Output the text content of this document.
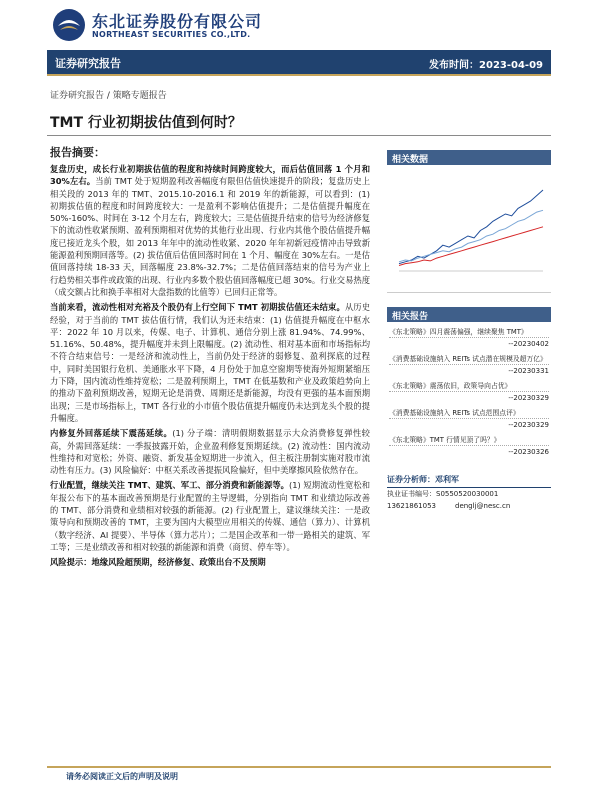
东北证券股份有限公司
NORTHEAST SECURITIES CO.,LTD.
证券研究报告	发布时间：2023-04-09
证券研究报告 / 策略专题报告
TMT 行业初期拔估值到何时？
报告摘要：

复盘历史，成长行业初期拔估值的程度和持续时间跨度较大，而后估值回落 1 个月和 30%左右。当前 TMT 处于短期盈利改善幅度有限但估值快速提升的阶段；复盘历史上相关段的 2013 年的 TMT、2015.10-2016.1 和 2019 年的新能源，可以看到：(1) 初期拔估值的程度和时间跨度较大：一是盈利不影响估值提升；二是估值提升幅度在 50%-160%、时间在 3-12 个月左右，跨度较大；三是估值提升结束的信号为经济修复下的流动性收紧预期、盈利预期相对优势的其他行业出现、行业内其他个股估值提升幅度已接近龙头个股，如 2013 年年中的流动性收紧、2020 年年初新冠疫情冲击导致新能源盈利预期回落等。(2) 拔估值后估值回落时间在 1 个月、幅度在 30%左右。一是估值回落持续 18-33 天，回落幅度 23.8%-32.7%；二是估值回落结束的信号为产业上行趋势相关事件或政策的出现、行业内多数个股估值回落幅度已超 30%。行业交易热度（成交额占比和换手率相对大盘指数的比值等）已回归正常等。

当前来看，流动性相对充裕及个股仍有上行空间下 TMT 初期拔估值还未结束。从历史经验，对于当前的 TMT 拔估值行情，我们认为还未结束：(1) 估值提升幅度在中枢水平：2022 年 10 月以来，传媒、电子、计算机、通信分别上涨 81.94%、74.99%、51.16%、50.48%，提升幅度并未到上限幅度。(2) 流动性、相对基本面和市场指标均不符合结束信号：一是经济和流动性上，当前仍处于经济的弱修复、盈利探底的过程中，同时美国银行危机、美通胀水平下降，4 月份处于加息空窗期等使海外短期紧缩压力下降，国内流动性维持宽松；二是盈利预期上，TMT 在低基数和产业及政策趋势向上的推动下盈利预期改善，短期无论是消费、周期还是新能源，均没有更强的基本面预期出现；三是市场指标上，TMT 各行业的小市值个股估值提升幅度仍未达到龙头个股的提升幅度。

内修复外回落延续下震荡延续。(1) 分子端：清明假期数据显示大众消费修复弹性较高，外需回落延续：一季报披露开始，企业盈利修复预期延续。(2) 流动性：国内流动性维持和对宽松；外资、融资、新发基金短期进一步流入，但主板注册制实施对股市流动性有压力。(3) 风险偏好：中枢关系改善提振风险偏好，但中美摩擦风险依然存在。

行业配置，继续关注 TMT、建筑、军工、部分消费和新能源等。(1) 短期流动性宽松和年报公布下的基本面改善预期是行业配置的主导逻辑，分别指向 TMT 和业绩边际改善的 TMT、部分消费和业绩相对较强的新能源。(2) 行业配置上，建议继续关注：一是政策导向和预期改善的 TMT，主要为国内大模型应用相关的传媒、通信（算力）、计算机（数字经济、AI 提要）、半导体（算力芯片）；二是国企改革和一带一路相关的建筑、军工等；三是业绩改善和相对较强的新能源和消费（商贸、停车等）。

风险提示：地缘风险超预期，经济修复、政策出台不及预期

相关数据
相关报告
《东北策略》四月震荡偏强，继续聚焦 TMT》
--20230402
《消费基础设施纳入 REITs 试点潜在规模及超万亿》
--20230331
《东北策略》震荡依旧，政策导向占优》
--20230329
《消费基础设施纳入 REITs 试点范围点评》
--20230329
《东北策略》TMT 行情见顶了吗？》
--20230326
证券分析师：邓利军
执业证书编号：S0550520030001
13621861053	denglj@nesc.cn
请务必阅读正文后的声明及说明
